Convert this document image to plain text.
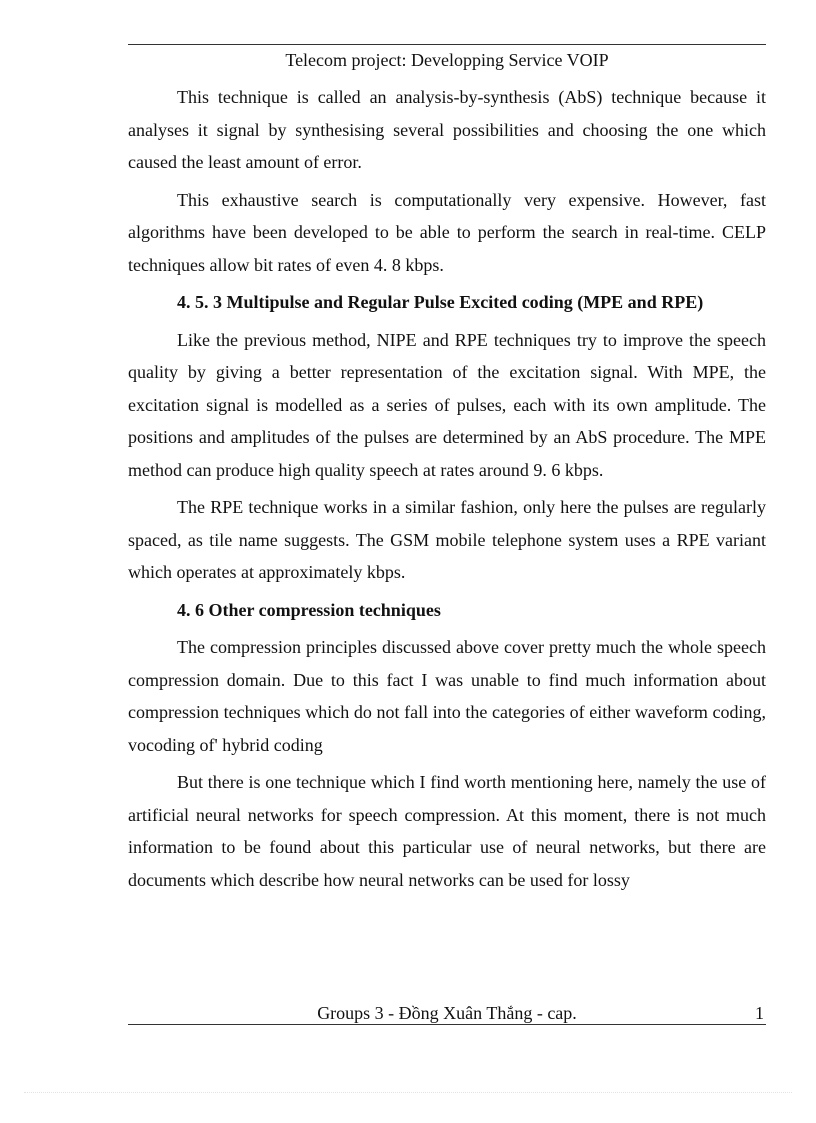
Telecom project: Developping Service VOIP

This technique is called an analysis-by-synthesis (AbS) technique because it analyses it signal by synthesising several possibilities and choosing the one which caused the least amount of error.

This exhaustive search is computationally very expensive. However, fast algorithms have been developed to be able to perform the search in real-time. CELP techniques allow bit rates of even 4. 8 kbps.

4. 5. 3 Multipulse and Regular Pulse Excited coding (MPE and RPE)

Like the previous method, NIPE and RPE techniques try to improve the speech quality by giving a better representation of the excitation signal. With MPE, the excitation signal is modelled as a series of pulses, each with its own amplitude. The positions and amplitudes of the pulses are determined by an AbS procedure. The MPE method can produce high quality speech at rates around 9. 6 kbps.

The RPE technique works in a similar fashion, only here the pulses are regularly spaced, as tile name suggests. The GSM mobile telephone system uses a RPE variant which operates at approximately kbps.

4. 6 Other compression techniques

The compression principles discussed above cover pretty much the whole speech compression domain. Due to this fact I was unable to find much information about compression techniques which do not fall into the categories of either waveform coding, vocoding of' hybrid coding

But there is one technique which I find worth mentioning here, namely the use of artificial neural networks for speech compression. At this moment, there is not much information to be found about this particular use of neural networks, but there are documents which describe how neural networks can be used for lossy

Groups 3 - Đồng Xuân Thắng - cap.	1
